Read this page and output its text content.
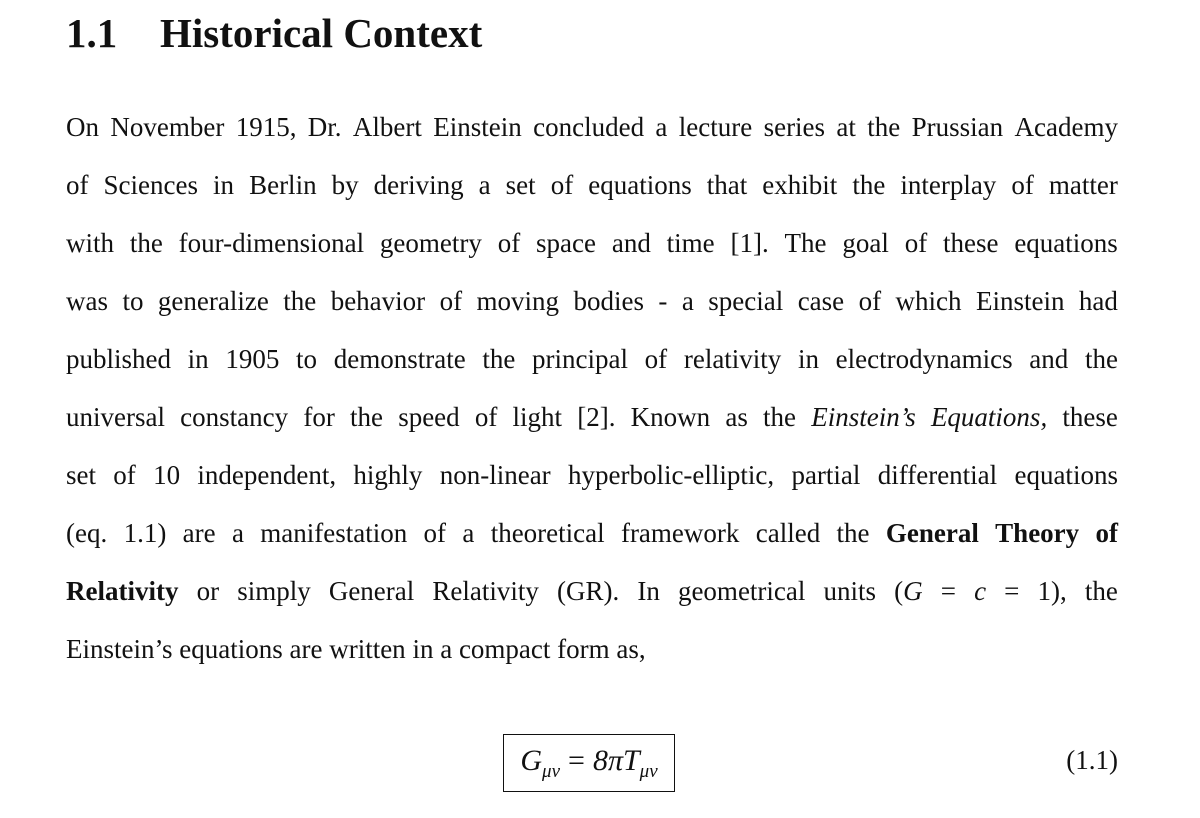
1.1 Historical Context
On November 1915, Dr. Albert Einstein concluded a lecture series at the Prussian Academy
of Sciences in Berlin by deriving a set of equations that exhibit the interplay of matter
with the four-dimensional geometry of space and time [1]. The goal of these equations
was to generalize the behavior of moving bodies - a special case of which Einstein had
published in 1905 to demonstrate the principal of relativity in electrodynamics and the
universal constancy for the speed of light [2]. Known as the Einstein’s Equations, these
set of 10 independent, highly non-linear hyperbolic-elliptic, partial differential equations
(eq. 1.1) are a manifestation of a theoretical framework called the General Theory of
Relativity or simply General Relativity (GR). In geometrical units (G = c = 1), the
Einstein’s
equations
are
written
in
a
compact
form
as,
$G_{\mu\nu} = 8\pi T_{\mu\nu}$	(1.1)
